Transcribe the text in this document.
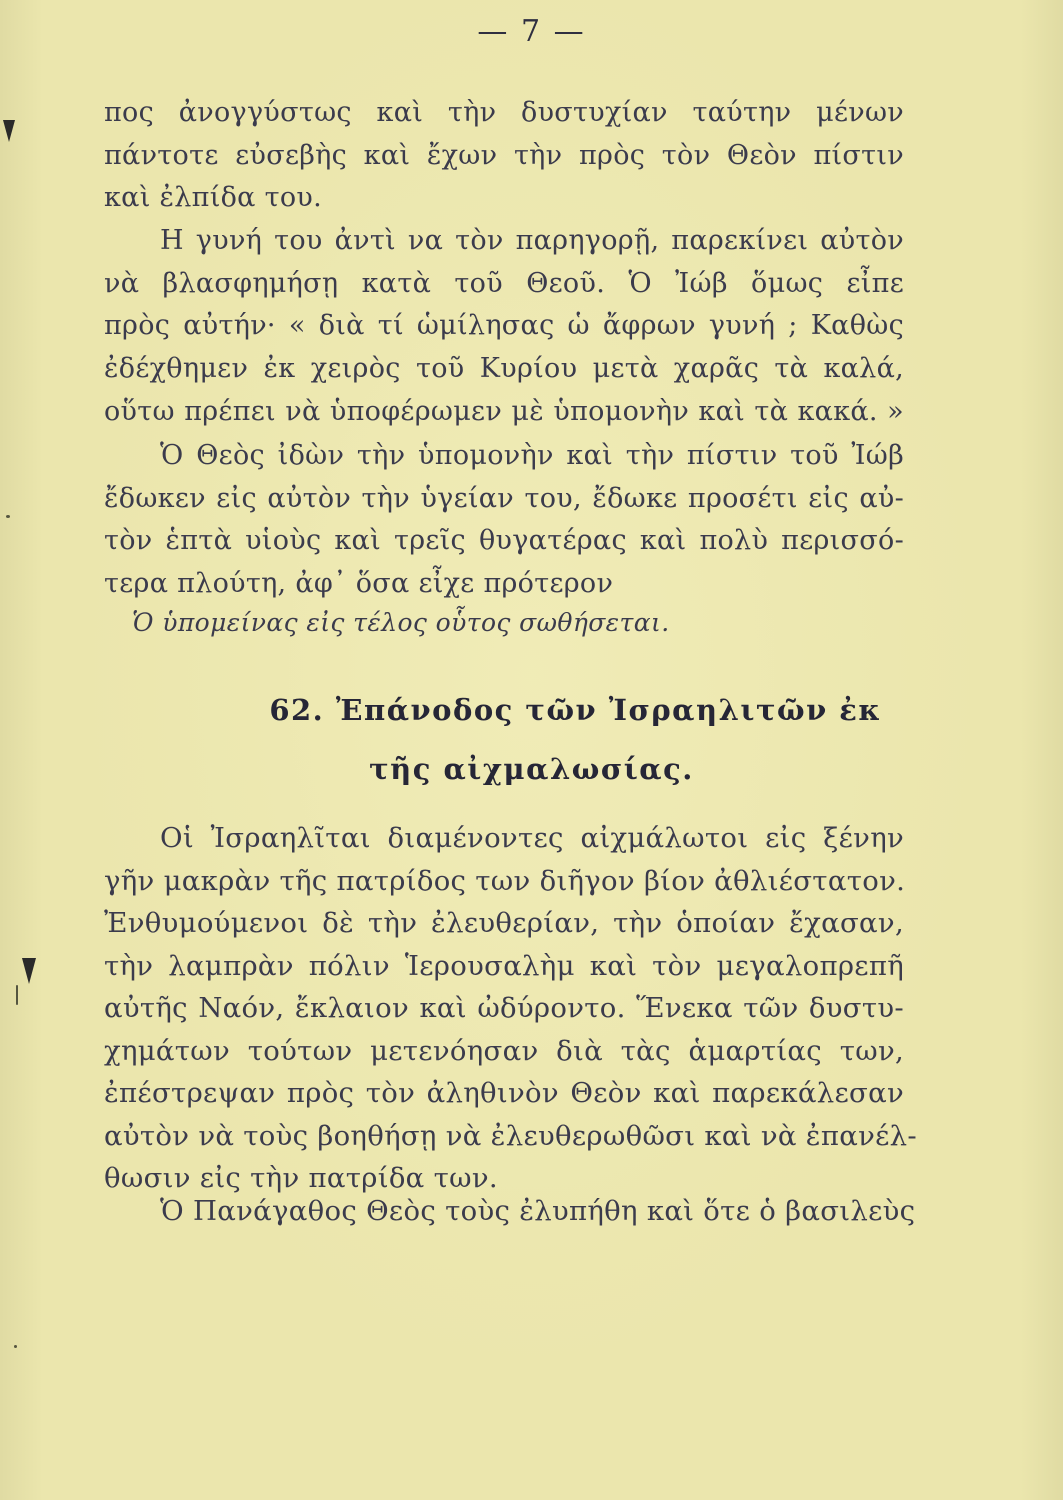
— 7 —
πος ἀνογγύστως καὶ τὴν δυστυχίαν ταύτην μένων
πάντοτε εὐσεβὴς καὶ ἔχων τὴν πρὸς τὸν Θεὸν πίστιν
καὶ ἐλπίδα του.
Η γυνή του ἀντὶ να τὸν παρηγορῇ, παρεκίνει αὐτὸν
νὰ βλασφημήσῃ κατὰ τοῦ Θεοῦ. Ὁ Ἰώβ ὅμως εἶπε
πρὸς αὐτήν· « διὰ τί ὡμίλησας ὡ ἄφρων γυνή ; Καθὼς
ἐδέχθημεν ἐκ χειρὸς τοῦ Κυρίου μετὰ χαρᾶς τὰ καλά,
οὕτω πρέπει νὰ ὑποφέρωμεν μὲ ὑπομονὴν καὶ τὰ κακά. »
Ὁ Θεὸς ἰδὼν τὴν ὑπομονὴν καὶ τὴν πίστιν τοῦ Ἰώβ
ἔδωκεν εἰς αὐτὸν τὴν ὑγείαν του, ἔδωκε προσέτι εἰς αὐ-
τὸν ἑπτὰ υἱοὺς καὶ τρεῖς θυγατέρας καὶ πολὺ περισσό-
τερα πλούτη, ἀφ᾽ ὅσα εἶχε πρότερον
Ὁ ὑπομείνας εἰς τέλος οὗτος σωθήσεται.
62. Ἐπάνοδος τῶν Ἰσραηλιτῶν ἐκ
τῆς αἰχμαλωσίας.
Οἱ Ἰσραηλῖται διαμένοντες αἰχμάλωτοι εἰς ξένην
γῆν μακρὰν τῆς πατρίδος των διῆγον βίον ἀθλιέστατον.
Ἐνθυμούμενοι δὲ τὴν ἐλευθερίαν, τὴν ὁποίαν ἔχασαν,
τὴν λαμπρὰν πόλιν Ἱερουσαλὴμ καὶ τὸν μεγαλοπρεπῆ
αὐτῆς Ναόν, ἔκλαιον καὶ ὠδύροντο. Ἕνεκα τῶν δυστυ-
χημάτων τούτων μετενόησαν διὰ τὰς ἁμαρτίας των,
ἐπέστρεψαν πρὸς τὸν ἀληθινὸν Θεὸν καὶ παρεκάλεσαν
αὐτὸν νὰ τοὺς βοηθήσῃ νὰ ἐλευθερωθῶσι καὶ νὰ ἐπανέλ-
θωσιν εἰς τὴν πατρίδα των.
Ὁ Πανάγαθος Θεὸς τοὺς ἐλυπήθη καὶ ὅτε ὁ βασιλεὺς
